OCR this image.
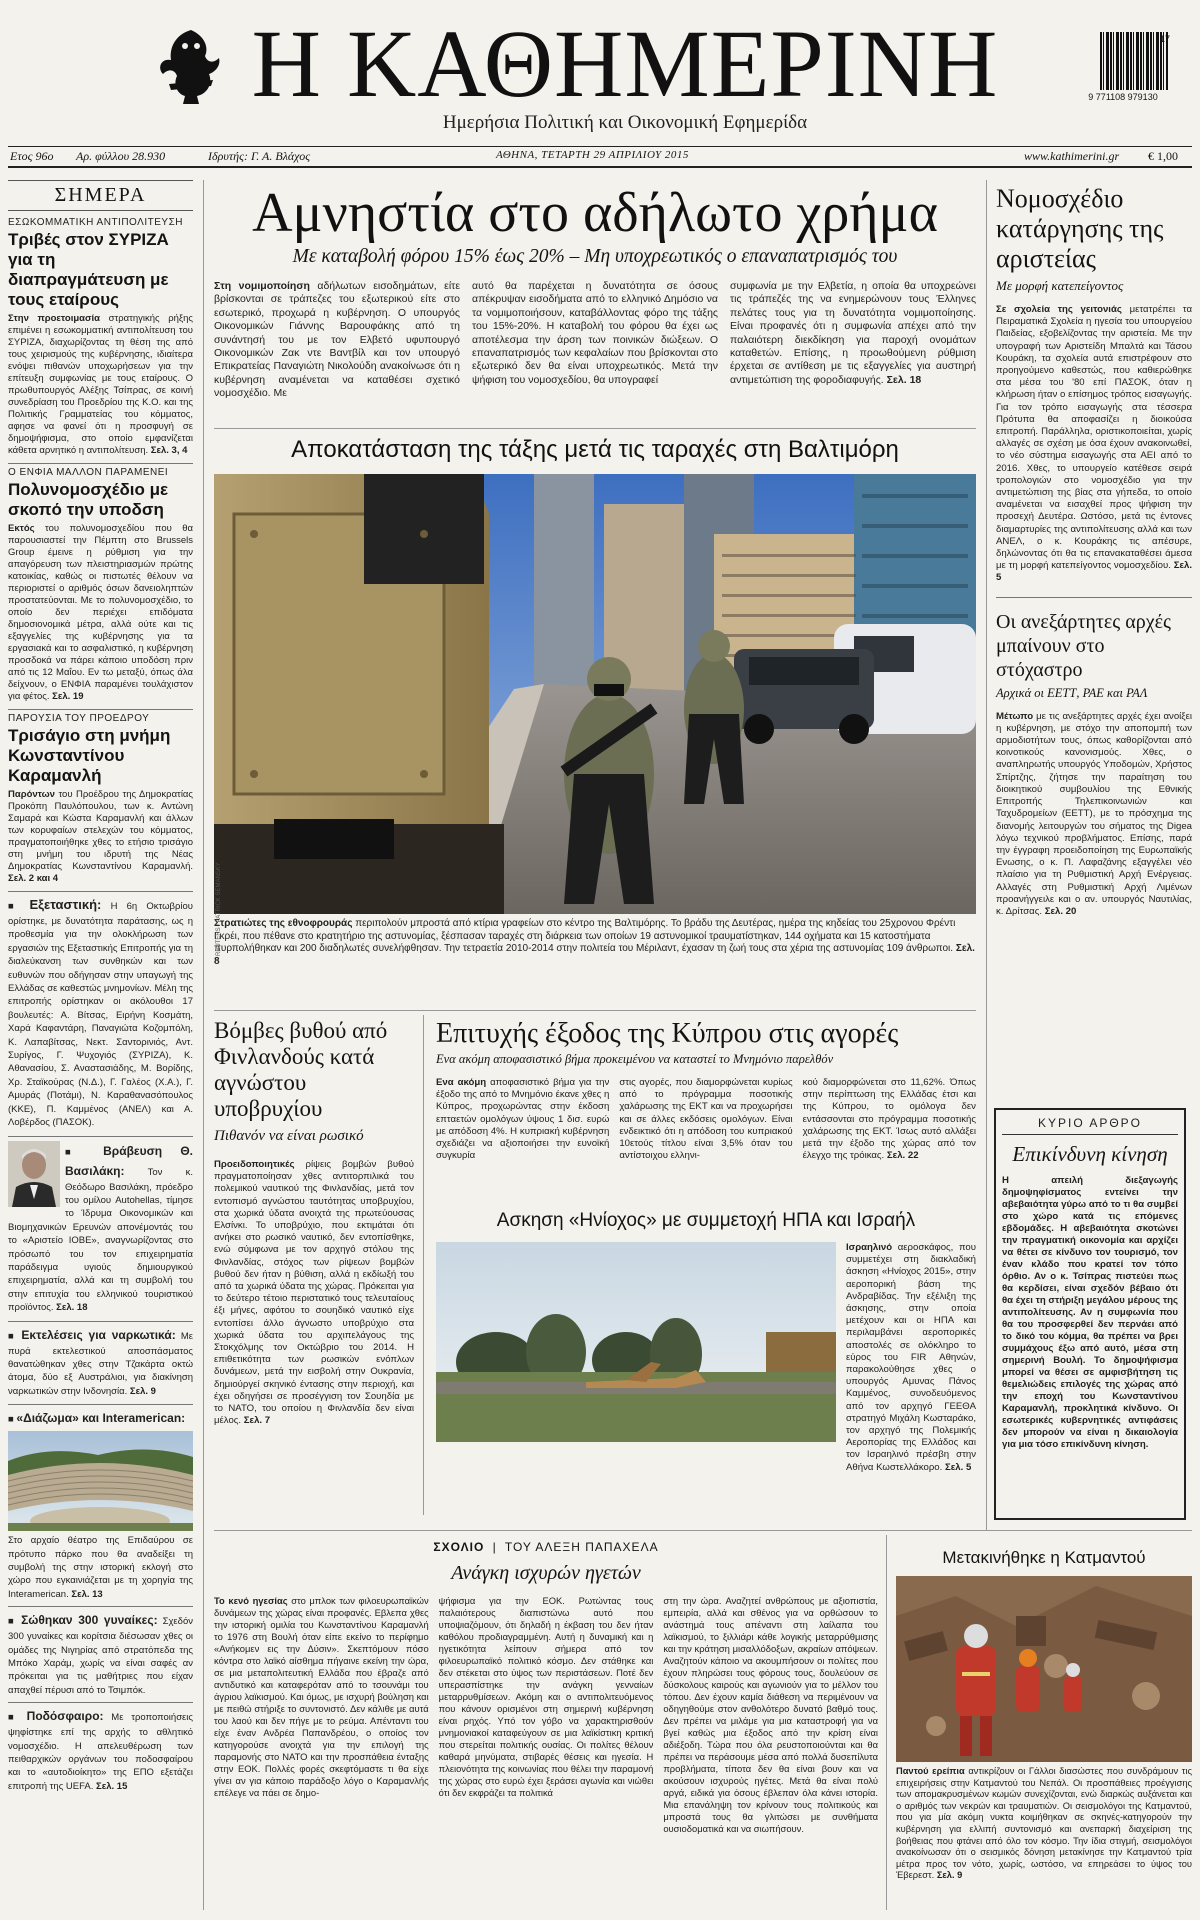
Η ΚΑΘΗΜΕΡΙΝΗ
Ημερήσια Πολιτική και Οικονομική Εφημερίδα
17
9 771108 979130
Ετος 96ο Αρ. φύλλου 28.930	Ιδρυτής: Γ. Α. Βλάχος	ΑΘΗΝΑ, ΤΕΤΑΡΤΗ 29 ΑΠΡΙΛΙΟΥ 2015	www.kathimerini.gr € 1,00
ΣΗΜΕΡΑ
ΕΣΩΚΟΜΜΑΤΙΚΗ ΑΝΤΙΠΟΛΙΤΕΥΣΗ
Τριβές στον ΣΥΡΙΖΑ για τη διαπραγμάτευση με τους εταίρους
Στην προετοιμασία στρατηγικής ρήξης επιμένει η εσωκομματική αντιπολίτευση του ΣΥΡΙΖΑ, διαχωρίζοντας τη θέση της από τους χειρισμούς της κυβέρνησης, ιδιαίτερα ενόψει πιθανών υποχωρήσεων για την επίτευξη συμφωνίας με τους εταίρους. Ο πρωθυπουργός Αλέξης Τσίπρας, σε κοινή συνεδρίαση του Προεδρίου της Κ.Ο. και της Πολιτικής Γραμματείας του κόμματος, αφησε να φανεί ότι η προσφυγή σε δημοψήφισμα, στο οποίο εμφανίζεται κάθετα αρνητικό η αντιπολίτευση. Σελ. 3, 4
Ο ΕΝΦΙΑ ΜΑΛΛΟΝ ΠΑΡΑΜΕΝΕΙ
Πολυνομοσχέδιο με σκοπό την υποδση
Εκτός του πολυνομοσχεδίου που θα παρουσιαστεί την Πέμπτη στο Brussels Group έμεινε η ρύθμιση για την απαγόρευση των πλειστηριασμών πρώτης κατοικίας, καθώς οι πιστωτές θέλουν να περιοριστεί ο αριθμός όσων δανειοληπτών προστατεύονται. Με το πολυνομοσχέδιο, το οποίο δεν περιέχει επιδόματα δημοσιονομικά μέτρα, αλλά ούτε και τις εξαγγελίες της κυβέρνησης για τα εργασιακά και το ασφαλιστικό, η κυβέρνηση προσδοκά να πάρει κάποιο υποδόση πριν από τις 12 Μαΐου. Εν τω μεταξύ, όπως άλα δείχνουν, ο ΕΝΦΙΑ παραμένει τουλάχιστον για φέτος. Σελ. 19
ΠΑΡΟΥΣΙΑ ΤΟΥ ΠΡΟΕΔΡΟΥ
Τρισάγιο στη μνήμη Κωνσταντίνου Καραμανλή
Παρόντων του Προέδρου της Δημοκρατίας Προκόπη Παυλόπουλου, των κ. Αντώνη Σαμαρά και Κώστα Καραμανλή και άλλων των κορυφαίων στελεχών του κόμματος, πραγματοποιήθηκε χθες το ετήσιο τρισάγιο στη μνήμη του ιδρυτή της Νέας Δημοκρατίας Κωνσταντίνου Καραμανλή. Σελ. 2 και 4
■ Εξεταστική: Η 6η Οκτωβρίου ορίστηκε, με δυνατότητα παράτασης, ως η προθεσμία για την ολοκλήρωση των εργασιών της Εξεταστικής Επιτροπής για τη διαλεύκανση των συνθηκών και των ευθυνών που οδήγησαν στην υπαγωγή της Ελλάδας σε καθεστώς μνημονίων. Μέλη της επιτροπής ορίστηκαν οι ακόλουθοι 17 βουλευτές: Α. Βίτσας, Ειρήνη Κοσμάτη, Χαρά Καφαντάρη, Παναγιώτα Κοζομπόλη, Κ. Λαπαβίτσας, Νεκτ. Σαντορινιός, Αντ. Συρίγος, Γ. Ψυχογιός (ΣΥΡΙΖΑ), Κ. Αθανασίου, Σ. Αναστασιάδης, Μ. Βορίδης, Χρ. Σταϊκούρας (Ν.Δ.), Γ. Γαλέος (Χ.Α.), Γ. Αμυράς (Ποτάμι), Ν. Καραθανασόπουλος (ΚΚΕ), Π. Καμμένος (ΑΝΕΛ) και Α. Λοβέρδος (ΠΑΣΟΚ).
■ Βράβευση Θ. Βασιλάκη: Τον κ. Θεόδωρο Βασιλάκη, πρόεδρο του ομίλου Autohellas, τίμησε το Ίδρυμα Οικονομικών και Βιομηχανικών Ερευνών απονέμοντάς του το «Αριστείο ΙΟΒΕ», αναγνωρίζοντας στο πρόσωπό του τον επιχειρηματία παράδειγμα υγιούς δημιουργικού επιχειρηματία, αλλά και τη συμβολή του στην επιτυχία του ελληνικού τουριστικού προϊόντος. Σελ. 18
■ Εκτελέσεις για ναρκωτικά: Με πυρά εκτελεστικού αποσπάσματος θανατώθηκαν χθες στην Τζακάρτα οκτώ άτομα, δύο εξ Αυστράλιοι, για διακίνηση ναρκωτικών στην Ινδονησία. Σελ. 9
■ «Διάζωμα» και Interamerican:
Στο αρχαίο θέατρο της Επιδαύρου σε πρότυπο πάρκο που θα αναδείξει τη συμβολή της στην ιστορική εκλογή στο χώρο που εγκαινιάζεται με τη χορηγία της Interamerican. Σελ. 13
■ Σώθηκαν 300 γυναίκες: Σχεδόν 300 γυναίκες και κορίτσια διέσωσαν χθες οι ομάδες της Νιγηρίας από στρατόπεδα της Μπόκο Χαράμ, χωρίς να είναι σαφές αν πρόκειται για τις μαθήτριες που είχαν απαχθεί πέρυσι από το Τσιμπόκ.
■ Ποδόσφαιρο: Με τροποποιήσεις ψηφίστηκε επί της αρχής το αθλητικό νομοσχέδιο. Η απελευθέρωση των πειθαρχικών οργάνων του ποδοσφαίρου και το «αυτοδιοίκητο» της ΕΠΟ εξετάζει επιτροπή της UEFA. Σελ. 15
Αμνηστία στο αδήλωτο χρήμα
Με καταβολή φόρου 15% έως 20% – Μη υποχρεωτικός ο επαναπατρισμός του
Στη νομιμοποίηση αδήλωτων εισοδημάτων, είτε βρίσκονται σε τράπεζες του εξωτερικού είτε στο εσωτερικό, προχωρά η κυβέρνηση. Ο υπουργός Οικονομικών Γιάννης Βαρουφάκης από τη συνάντησή του με τον Ελβετό υφυπουργό Οικονομικών Ζακ ντε Βαντβίλ και τον υπουργό Επικρατείας Παναγιώτη Νικολούδη ανακοίνωσε ότι η κυβέρνηση αναμένεται να καταθέσει σχετικό νομοσχέδιο. Με
αυτό θα παρέχεται η δυνατότητα σε όσους απέκρυψαν εισοδήματα από το ελληνικό Δημόσιο να τα νομιμοποιήσουν, καταβάλλοντας φόρο της τάξης του 15%-20%. Η καταβολή του φόρου θα έχει ως αποτέλεσμα την άρση των ποινικών διώξεων. Ο επαναπατρισμός των κεφαλαίων που βρίσκονται στο εξωτερικό δεν θα είναι υποχρεωτικός. Μετά την ψήφιση του νομοσχεδίου, θα υπογραφεί
συμφωνία με την Ελβετία, η οποία θα υποχρεώνει τις τράπεζές της να ενημερώνουν τους Έλληνες πελάτες τους για τη δυνατότητα νομιμοποίησης. Είναι προφανές ότι η συμφωνία απέχει από την παλαιότερη διεκδίκηση για παροχή ονομάτων καταθετών. Επίσης, η προωθούμενη ρύθμιση έρχεται σε αντίθεση με τις εξαγγελίες για αυστηρή αντιμετώπιση της φοροδιαφυγής. Σελ. 18
Αποκατάσταση της τάξης μετά τις ταραχές στη Βαλτιμόρη
Στρατιώτες της εθνοφρουράς περιπολούν μπροστά από κτίρια γραφείων στο κέντρο της Βαλτιμόρης. Το βράδυ της Δευτέρας, ημέρα της κηδείας του 25χρονου Φρέντι Γκρέι, που πέθανε στο κρατητήριο της αστυνομίας, ξέσπασαν ταραχές στη διάρκεια των οποίων 19 αστυνομικοί τραυματίστηκαν, 144 οχήματα και 15 κατοστήματα πυρπολήθηκαν και 200 διαδηλωτές συνελήφθησαν. Την τετραετία 2010-2014 στην πολιτεία του Μέριλαντ, έχασαν τη ζωή τους στα χέρια της αστυνομίας 109 άνθρωποι. Σελ. 8
REUTERS / PATRICK SEMANSKY
Βόμβες βυθού από Φινλανδούς κατά αγνώστου υποβρυχίου
Πιθανόν να είναι ρωσικό
Προειδοποιητικές ρίψεις βομβών βυθού πραγματοποίησαν χθες αντιτορπιλικά του πολεμικού ναυτικού της Φινλανδίας, μετά τον εντοπισμό αγνώστου ταυτότητας υποβρυχίου, στα χωρικά ύδατα ανοιχτά της πρωτεύουσας Ελσίνκι. Το υποβρύχιο, που εκτιμάται ότι ανήκει στο ρωσικό ναυτικό, δεν εντοπίσθηκε, ενώ σύμφωνα με τον αρχηγό στόλου της Φινλανδίας, στόχος των ρίψεων βομβών βυθού δεν ήταν η βύθιση, αλλά η εκδίωξή του από τα χωρικά ύδατα της χώρας. Πρόκειται για το δεύτερο τέτοιο περιστατικό τους τελευταίους έξι μήνες, αφότου το σουηδικό ναυτικό είχε εντοπίσει άλλο άγνωστο υποβρύχιο στα χωρικά ύδατα του αρχιπελάγους της Στοκχόλμης τον Οκτώβριο του 2014. Η επιθετικότητα των ρωσικών ενόπλων δυνάμεων, μετά την εισβολή στην Ουκρανία, δημιούργεί σκηνικό έντασης στην περιοχή, και έχει οδηγήσει σε προσέγγιση τον Σουηδία με το ΝΑΤΟ, του οποίου η Φινλανδία δεν είναι μέλος. Σελ. 7
Επιτυχής έξοδος της Κύπρου στις αγορές
Ενα ακόμη αποφασιστικό βήμα προκειμένου να καταστεί το Μνημόνιο παρελθόν
Ενα ακόμη αποφασιστικό βήμα για την έξοδο της από το Μνημόνιο έκανε χθες η Κύπρος, προχωρώντας στην έκδοση επταετών ομολόγων ύψους 1 δισ. ευρώ με απόδοση 4%. Η κυπριακή κυβέρνηση σχεδιάζει να αξιοποιήσει την ευνοϊκή συγκυρία
στις αγορές, που διαμορφώνεται κυρίως από το πρόγραμμα ποσοτικής χαλάρωσης της ΕΚΤ και να προχωρήσει και σε άλλες εκδόσεις ομολόγων. Είναι ενδεικτικό ότι η απόδοση του κυπριακού 10ετούς τίτλου είναι 3,5% όταν του αντίστοιχου ελληνι-
κού διαμορφώνεται στο 11,62%. Όπως στην περίπτωση της Ελλάδας έτσι και της Κύπρου, το ομόλογα δεν εντάσσονται στο πρόγραμμα ποσοτικής χαλάρωσης της ΕΚΤ. Ίσως αυτό αλλάξει μετά την έξοδο της χώρας από τον έλεγχο της τρόικας. Σελ. 22
Ασκηση «Ηνίοχος» με συμμετοχή ΗΠΑ και Ισραήλ
Ισραηλινό αεροσκάφος, που συμμετέχει στη διακλαδική άσκηση «Ηνίοχος 2015», στην αεροπορική βάση της Ανδραβίδας. Την εξέλιξη της άσκησης, στην οποία μετέχουν και οι ΗΠΑ και περιλαμβάνει αεροπορικές αποστολές σε ολόκληρο το εύρος του FIR Αθηνών, παρακολούθησε χθες ο υπουργός Αμυνας Πάνος Καμμένος, συνοδευόμενος από τον αρχηγό ΓΕΕΘΑ στρατηγό Μιχάλη Κωσταράκο, τον αρχηγό της Πολεμικής Αεροπορίας της Ελλάδος και τον Ισραηλινό πρέσβη στην Αθήνα Κωστελλάκορο. Σελ. 5
Νομοσχέδιο κατάργησης της αριστείας
Με μορφή κατεπείγοντος
Σε σχολεία της γειτονιάς μετατρέπει τα Πειραματικά Σχολεία η ηγεσία του υπουργείου Παιδείας, εξοβελίζοντας την αριστεία. Με την υπογραφή των Αριστείδη Μπαλτά και Τάσου Κουράκη, τα σχολεία αυτά επιστρέφουν στο προηγούμενο καθεστώς, που καθιερώθηκε στα μέσα του '80 επί ΠΑΣΟΚ, όταν η κλήρωση ήταν ο επίσημος τρόπος εισαγωγής. Για τον τρόπο εισαγωγής στα τέσσερα Πρότυπα θα αποφασίζει η διοικούσα επιτροπή. Παράλληλα, οριστικοποιείται, χωρίς αλλαγές σε σχέση με όσα έχουν ανακοινωθεί, το νέο σύστημα εισαγωγής στα ΑΕΙ από το 2016. Χθες, το υπουργείο κατέθεσε σειρά τροπολογιών στο νομοσχέδιο για την αντιμετώπιση της βίας στα γήπεδα, το οποίο αναμένεται να εισαχθεί προς ψήφιση την προσεχή Δευτέρα. Ωστόσο, μετά τις έντονες διαμαρτυρίες της αντιπολίτευσης αλλά και των ΑΝΕΛ, ο κ. Κουράκης τις απέσυρε, δηλώνοντας ότι θα τις επανακαταθέσει άμεσα με τη μορφή κατεπείγοντος νομοσχεδίου. Σελ. 5
Οι ανεξάρτητες αρχές μπαίνουν στο στόχαστρο
Αρχικά οι ΕΕΤΤ, ΡΑΕ και ΡΑΛ
Μέτωπο με τις ανεξάρτητες αρχές έχει ανοίξει η κυβέρνηση, με στόχο την αποπομπή των αρμοδιοτήτων τους, όπως καθορίζονται από κοινοτικούς κανονισμούς. Χθες, ο αναπληρωτής υπουργός Υποδομών, Χρήστος Σπίρτζης, ζήτησε την παραίτηση του διοικητικού συμβουλίου της Εθνικής Επιτροπής Τηλεπικοινωνιών και Ταχυδρομείων (ΕΕΤΤ), με το πρόσχημα της διανομής λειτουργών του σήματος της Digea λόγω τεχνικού προβλήματος. Επίσης, παρά την έγγραφη προειδοποίηση της Ευρωπαϊκής Ενωσης, ο κ. Π. Λαφαζάνης εξαγγέλει νέο πλαίσιο για τη Ρυθμιστική Αρχή Ενέργειας. Αλλαγές στη Ρυθμιστική Αρχή Λιμένων προανήγγειλε και ο αν. υπουργός Ναυτιλίας, κ. Δρίτσας. Σελ. 20
ΚΥΡΙΟ ΑΡΘΡΟ
Επικίνδυνη κίνηση
Η απειλή διεξαγωγής δημοψηφίσματος εντείνει την αβεβαιότητα γύρω από το τι θα συμβεί στο χώρο κατά τις επόμενες εβδομάδες. Η αβεβαιότητα σκοτώνει την πραγματική οικονομία και αρχίζει να θέτει σε κίνδυνο τον τουρισμό, τον έναν κλάδο που κρατεί τον τόπο όρθιο. Αν ο κ. Τσίπρας πιστεύει πως θα κερδίσει, είναι σχεδόν βέβαιο ότι θα έχει τη στήριξη μεγάλου μέρους της αντιπολίτευσης. Αν η συμφωνία που θα του προσφερθεί δεν περνάει από το δικό του κόμμα, θα πρέπει να βρει συμμάχους έξω από αυτό, μέσα στη σημερινή Βουλή. Το δημοψήφισμα μπορεί να θέσει σε αμφισβήτηση τις θεμελιώδεις επιλογές της χώρας από την εποχή του Κωνσταντίνου Καραμανλή, προκλητικά κίνδυνο. Οι εσωτερικές κυβερνητικές αντιφάσεις δεν μπορούν να είναι η δικαιολογία για μια τόσο επικίνδυνη κίνηση.
ΣΧΟΛΙΟ | ΤΟΥ ΑΛΕΞΗ ΠΑΠΑΧΕΛΑ
Ανάγκη ισχυρών ηγετών
Το κενό ηγεσίας στο μπλοκ των φιλοευρωπαϊκών δυνάμεων της χώρας είναι προφανές. Εβλεπα χθες την ιστορική ομιλία του Κωνσταντίνου Καραμανλή το 1976 στη Βουλή όταν είπε εκείνο το περίφημο «Ανήκομεν εις την Δύσιν». Σκεπτόμουν πόσο κόντρα στο λαϊκό αίσθημα πήγαινε εκείνη την ώρα, σε μια μεταπολιτευτική Ελλάδα που έβραζε από αντιδυτικό και καταφερόταν από το τσουνάμι του άγριου λαϊκισμού. Και όμως, με ισχυρή βούληση και με πειθώ στήριξε το συντονιστό. Δεν κάλιθε με αυτά του λαού και δεν πήγε με το ρεύμα. Απένταντι του είχε έναν Ανδρέα Παπανδρέου, ο οποίος τον κατηγορούσε ανοιχτά για την επιλογή της παραμονής στο ΝΑΤΟ και την προσπάθεια ένταξης στην ΕΟΚ. Πολλές φορές σκεφτόμαστε τι θα είχε γίνει αν για κάποιο παράδοξο λόγο ο Καραμανλής επέλεγε να πάει σε δημο-
ψήφισμα για την ΕΟΚ. Ρωτώντας τους παλαιότερους διαπιστώνω αυτό που υποψιαζόμουν, ότι δηλαδή η έκβαση του δεν ήταν καθόλου προδιαγραμμένη. Αυτή η δυναμική και η ηγετικότητα λείπουν σήμερα από τον φιλοευρωπαϊκό πολιτικό κόσμο. Δεν στάθηκε και δεν στέκεται στο ύψος των περιστάσεων. Ποτέ δεν υπερασπίστηκε την ανάγκη γενναίων μεταρρυθμίσεων. Ακόμη και ο αντιπολιτευόμενος που κάνουν ορισμένοι στη σημερινή κυβέρνηση είναι ρηχός. Υπό τον γόβο να χαρακτηρισθούν μνημονιακοί καταφεύγουν σε μια λαϊκίστικη κριτική που στερείται πολιτικής ουσίας. Οι πολίτες θέλουν καθαρά μηνύματα, στιβαρές θέσεις και ηγεσία. Η πλειονότητα της κοινωνίας που θέλει την παραμονή της χώρας στο ευρώ έχει ξεράσει αγωνία και νιώθει ότι δεν εκφράζει τα πολιτικά
στη την ώρα. Αναζητεί ανθρώπους με αξιοπιστία, εμπειρία, αλλά και σθένος για να ορθώσουν το ανάστημά τους απέναντι στη λαίλαπα του λαϊκισμού, το ξιλλιάρι κάθε λογικής μεταρρύθμισης και την κράτηση μισαλλόδοξων, ακραίων απόψεων. Αναζητούν κάποιο να ακουμπήσουν οι πολίτες που έχουν πληρώσει τους φόρους τους, δουλεύουν σε δύσκολους καιρούς και αγωνιούν για το μέλλον του τόπου. Δεν έχουν καμία διάθεση να περιμένουν να οδηγηθούμε στον ανθολότερο δυνατό βαθμό τους. Δεν πρέπει να μιλάμε για μια καταστροφή για να βγεί καθώς μια έξοδος από την κρίση είναι αδιέξοδη. Τώρα που όλα ρευστοποιούνται και θα πρέπει να περάσουμε μέσα από πολλά δυσεπίλυτα προβλήματα, τίποτα δεν θα είναι βουν και να ακούσουν ισχυρούς ηγέτες. Μετά θα είναι πολύ αργά, ειδικά για όσους έβλεπαν όλα κάνει ιστορία. Μια επανάληψη τον κρίνουν τους πολιτικούς και μπροστά τους θα γλιτώσει με συνθήματα ουσιοδοματικά και να σιωπήσουν.
Μετακινήθηκε η Κατμαντού
Παντού ερείπια αντικρίζουν οι Γάλλοι διασώστες που συνδράμουν τις επιχειρήσεις στην Κατμαντού του Νεπάλ. Οι προσπάθειες προέγγισης των απομακρυσμένων κωμών συνεχίζονται, ενώ διαρκώς αυξάνεται και ο αριθμός των νεκρών και τραυματιών. Οι σεισμολόγοι της Κατμαντού, που για μία ακόμη νυκτα κοιμήθηκαν σε σκηνές-κατηγορούν την κυβέρνηση για ελλιπή συντονισμό και ανεπαρκή διαχείριση της βοήθειας που φτάνει από όλο τον κόσμο. Την ίδια στιγμή, σεισμολόγοι ανακοίνωσαν ότι ο σεισμικός δόνηση μετακίνησε την Κατμαντού τρία μέτρα προς τον νότο, χωρίς, ωστόσο, να επηρεάσει το ύψος του Έβερεστ. Σελ. 9
